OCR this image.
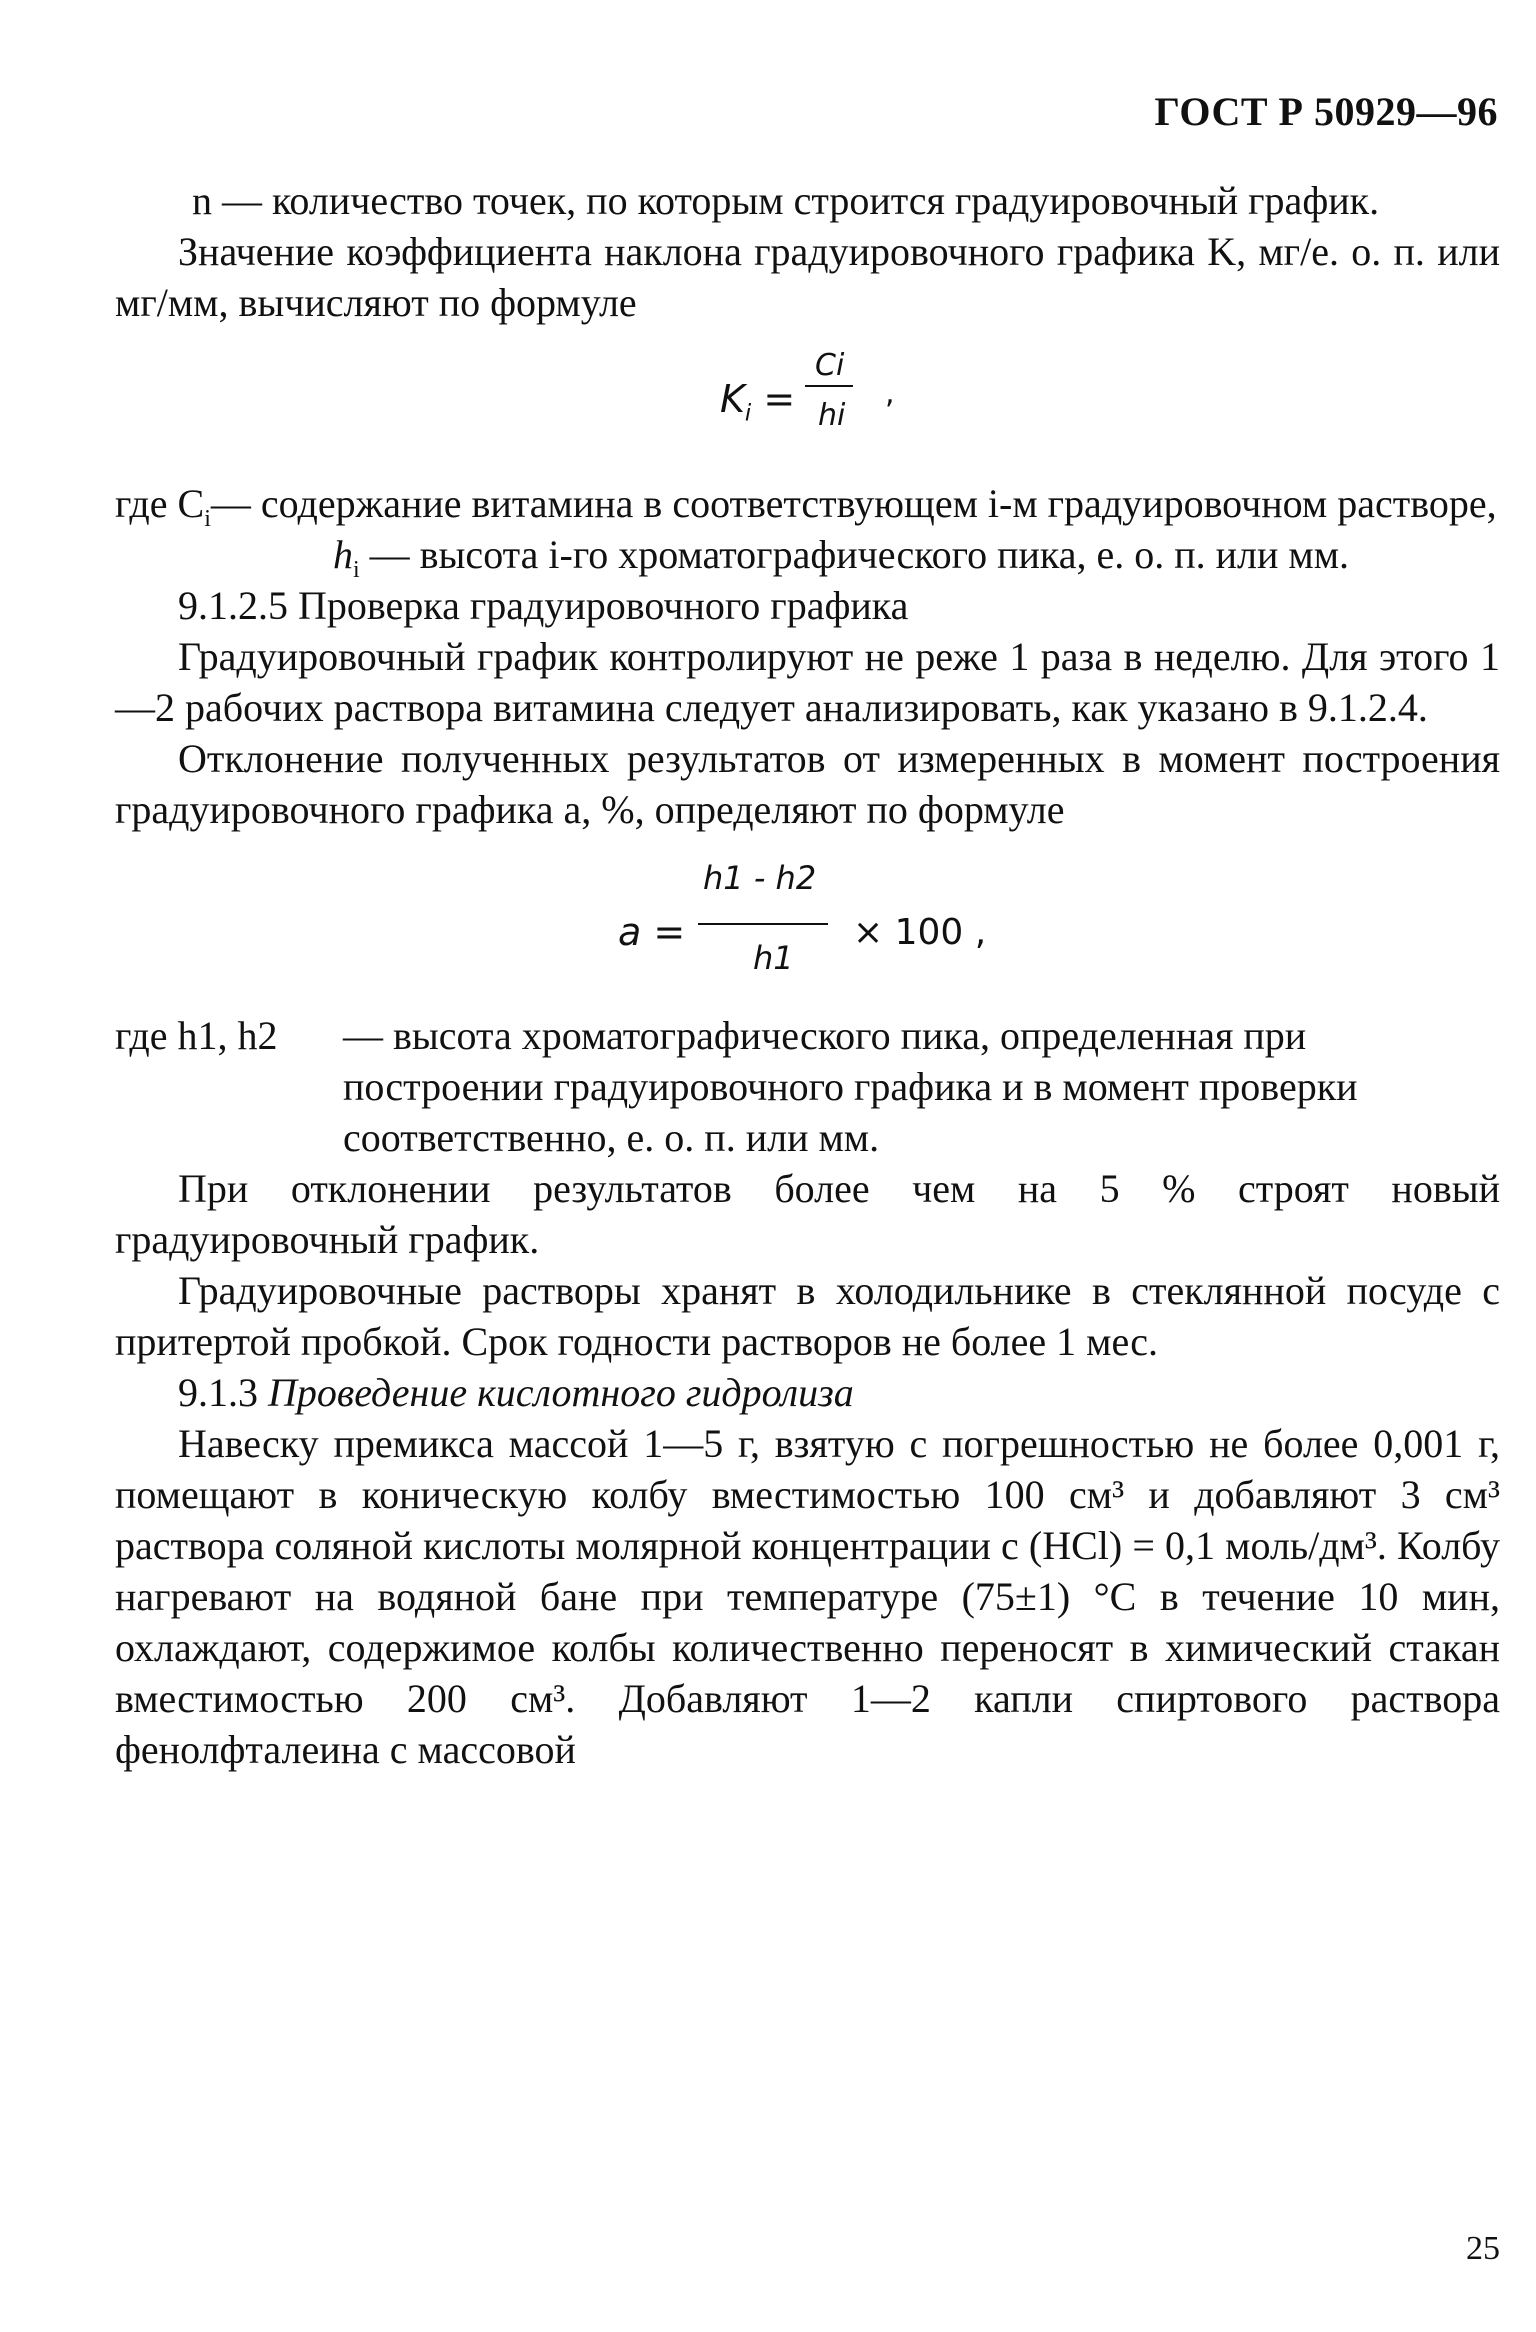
ГОСТ Р 50929—96

n — количество точек, по которым строится градуировочный график.

Значение коэффициента наклона градуировочного графика K, мг/е. о. п. или мг/мм, вычисляют по формуле

$K_i$ =
Ci
hi
,
где $C_i$ — содержание витамина в соответствующем i-м градуировочном растворе,

$h_i$ — высота i-го хроматографического пика, е. о. п. или мм.

9.1.2.5 Проверка градуировочного графика

Градуировочный график контролируют не реже 1 раза в неделю. Для этого 1—2 рабочих раствора витамина следует анализировать, как указано в 9.1.2.4.

Отклонение полученных результатов от измеренных в момент построения градуировочного графика a, %, определяют по формуле

a =
h1 - h2
h1
× 100 ,
где h1, h2	— высота хроматографического пика, определенная при построении градуировочного графика и в момент проверки соответственно, е. о. п. или мм.

При отклонении результатов более чем на 5 % строят новый градуировочный график.

Градуировочные растворы хранят в холодильнике в стеклянной посуде с притертой пробкой. Срок годности растворов не более 1 мес.

9.1.3 Проведение кислотного гидролиза

Навеску премикса массой 1—5 г, взятую с погрешностью не более 0,001 г, помещают в коническую колбу вместимостью 100 см³ и добавляют 3 см³ раствора соляной кислоты молярной концентрации c (HCl) = 0,1 моль/дм³. Колбу нагревают на водяной бане при температуре (75±1) °С в течение 10 мин, охлаждают, содержимое колбы количественно переносят в химический стакан вместимостью 200 см³. Добавляют 1—2 капли спиртового раствора фенолфталеина с массовой

25
